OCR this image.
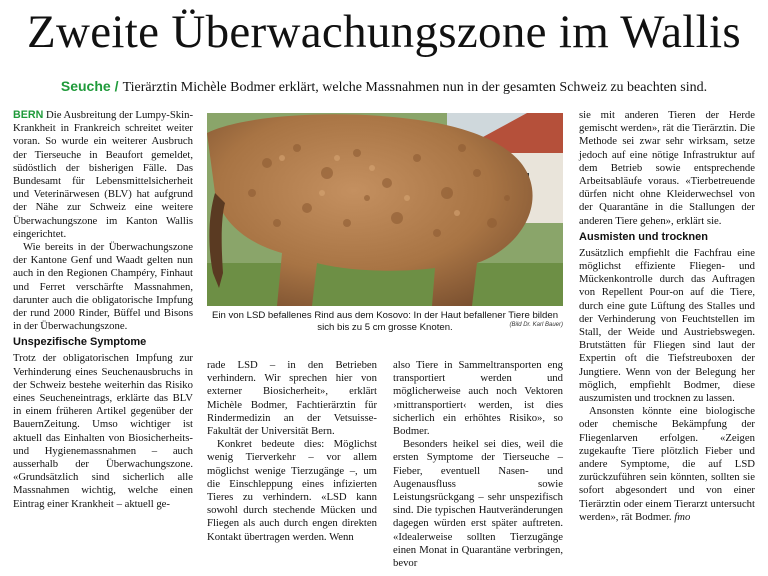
Zweite Überwachungszone im Wallis
Seuche / Tierärztin Michèle Bodmer erklärt, welche Massnahmen nun in der gesamten Schweiz zu beachten sind.

BERN Die Ausbreitung der Lumpy-Skin-Krankheit in Frankreich schreitet weiter voran. So wurde ein weiterer Ausbruch der Tierseuche in Beaufort gemeldet, südöstlich der bisherigen Fälle. Das Bundesamt für Lebensmittelsicherheit und Veterinärwesen (BLV) hat aufgrund der Nähe zur Schweiz eine weitere Überwachungszone im Kanton Wallis eingerichtet.

Wie bereits in der Überwachungszone der Kantone Genf und Waadt gelten nun auch in den Regionen Champéry, Finhaut und Ferret verschärfte Massnahmen, darunter auch die obligatorische Impfung der rund 2000 Rinder, Büffel und Bisons in der Überwachungszone.

Unspezifische Symptome

Trotz der obligatorischen Impfung zur Verhinderung eines Seuchenausbruchs in der Schweiz bestehe weiterhin das Risiko eines Seucheneintrags, erklärte das BLV in einem früheren Artikel gegenüber der BauernZeitung. Umso wichtiger ist aktuell das Einhalten von Biosicherheits- und Hygienemassnahmen – auch ausserhalb der Überwachungszone. «Grundsätzlich sind sicherlich alle Massnahmen wichtig, welche einen Eintrag einer Krankheit – aktuell ge-

Ein von LSD befallenes Rind aus dem Kosovo: In der Haut befallener Tiere bilden sich bis zu 5 cm grosse Knoten.	(Bild Dr. Karl Bauer)

rade LSD – in den Betrieben verhindern. Wir sprechen hier von externer Biosicherheit», erklärt Michèle Bodmer, Fachtierärztin für Rindermedizin an der Vetsuisse-Fakultät der Universität Bern.

Konkret bedeute dies: Möglichst wenig Tierverkehr – vor allem möglichst wenige Tierzugänge –, um die Einschleppung eines infizierten Tieres zu verhindern. «LSD kann sowohl durch stechende Mücken und Fliegen als auch durch engen direkten Kontakt übertragen werden. Wenn

also Tiere in Sammeltransporten eng transportiert werden und möglicherweise auch noch Vektoren ›mittransportiert‹ werden, ist dies sicherlich ein erhöhtes Risiko», so Bodmer.

Besonders heikel sei dies, weil die ersten Symptome der Tierseuche – Fieber, eventuell Nasen- und Augenausfluss sowie Leistungsrückgang – sehr unspezifisch sind. Die typischen Hautveränderungen dagegen würden erst später auftreten. «Idealerweise sollten Tierzugänge einen Monat in Quarantäne verbringen, bevor

sie mit anderen Tieren der Herde gemischt werden», rät die Tierärztin. Die Methode sei zwar sehr wirksam, setze jedoch auf eine nötige Infrastruktur auf dem Betrieb sowie entsprechende Arbeitsabläufe voraus. «Tierbetreuende dürfen nicht ohne Kleiderwechsel von der Quarantäne in die Stallungen der anderen Tiere gehen», erklärt sie.

Ausmisten und trocknen

Zusätzlich empfiehlt die Fachfrau eine möglichst effiziente Fliegen- und Mückenkontrolle durch das Auftragen von Repellent Pour-on auf die Tiere, durch eine gute Lüftung des Stalles und der Verhinderung von Feuchtstellen im Stall, der Weide und Austriebswegen. Brutstätten für Fliegen sind laut der Expertin oft die Tiefstreuboxen der Jungtiere. Wenn von der Belegung her möglich, empfiehlt Bodmer, diese auszumisten und trocknen zu lassen.

Ansonsten könnte eine biologische oder chemische Bekämpfung der Fliegenlarven erfolgen. «Zeigen zugekaufte Tiere plötzlich Fieber und andere Symptome, die auf LSD zurückzuführen sein könnten, sollten sie sofort abgesondert und von einer Tierärztin oder einem Tierarzt untersucht werden», rät Bodmer. fmo
